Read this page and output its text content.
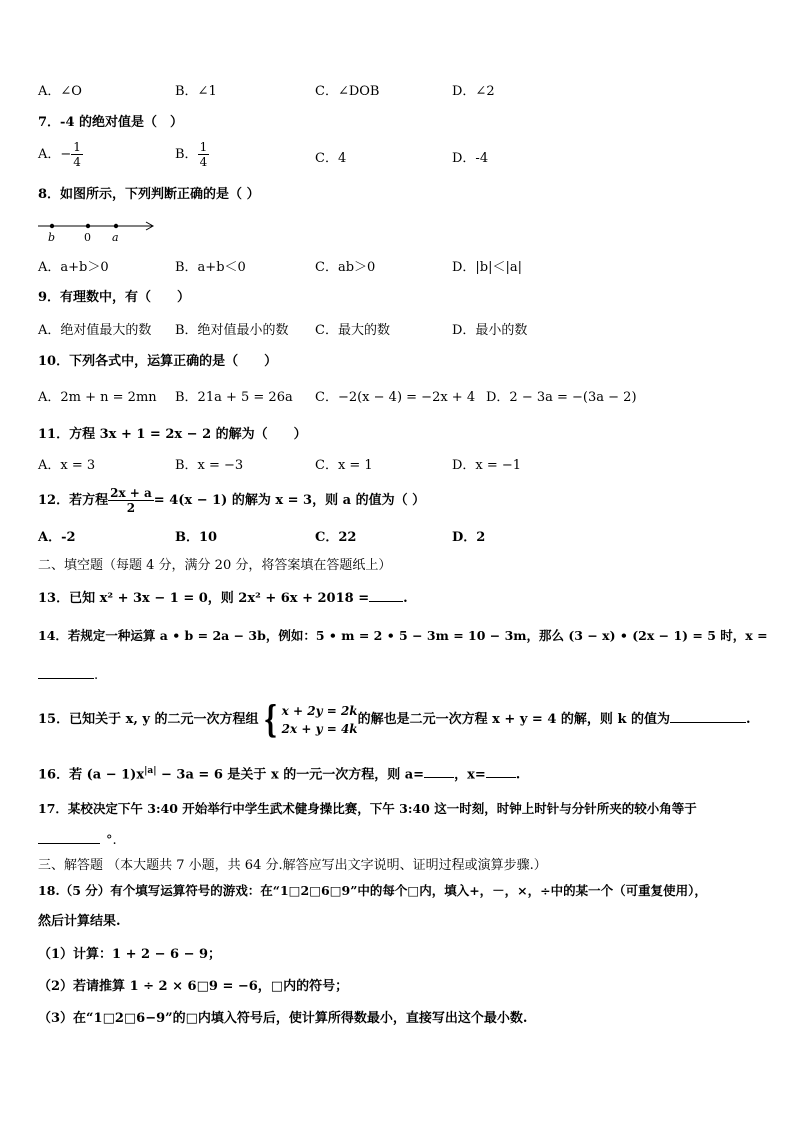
A．∠O	B．∠1	C．∠DOB	D．∠2
7．-4 的绝对值是（　）
A．− $\frac{1}{4}$	B． $\frac{1}{4}$	C．4	D．-4
8．如图所示，下列判断正确的是（ ）
b	0 a
A．a+b＞0	B．a+b＜0	C．ab＞0	D．|b|＜|a|
9．有理数中，有（　　）
A．绝对值最大的数 B．绝对值最小的数 C．最大的数	D．最小的数
10．下列各式中，运算正确的是（　　）
A．2m + n = 2mn B．21a + 5 = 26a C．−2(x − 4) = −2x + 4 D．2 − 3a = −(3a − 2)
11．方程 3x + 1 = 2x − 2 的解为（　　）
A．x = 3	B．x = −3	C．x = 1	D．x = −1
12．若方程 $\frac{2x + a}{2} = 4(x - 1)$ 的解为 x = 3，则 a 的值为（ ）
A．-2	B．10	C．22	D．2
二、填空题（每题 4 分，满分 20 分，将答案填在答题纸上）
13．已知 x² + 3x − 1 = 0，则 2x² + 6x + 2018 =	.
14．若规定一种运算 a • b = 2a − 3b，例如：5 • m = 2 • 5 − 3m = 10 − 3m，那么 (3 − x) • (2x − 1) = 5 时，x =
.
15．已知关于 x, y 的二元一次方程组 { x + 2y = 2k
2x + y = 4k
的解也是二元一次方程 x + y = 4 的解，则 k 的值为	.
16．若 $(a - 1)x^{|a|} - 3a = 6$ 是关于 x 的一元一次方程，则 a= ，x= .
17．某校决定下午 3:40 开始举行中学生武术健身操比赛，下午 3:40 这一时刻，时钟上时针与分针所夹的较小角等于
°.
三、解答题 （本大题共 7 小题，共 64 分.解答应写出文字说明、证明过程或演算步骤.）
18.（5 分）有个填写运算符号的游戏：在“1□2□6□9”中的每个□内，填入+，－，×，÷中的某一个（可重复使用），
然后计算结果.
（1）计算：1 + 2 − 6 − 9；
（2）若请推算 1 ÷ 2 × 6□9 = −6，□内的符号；
（3）在“1□2□6−9”的□内填入符号后，使计算所得数最小，直接写出这个最小数.
